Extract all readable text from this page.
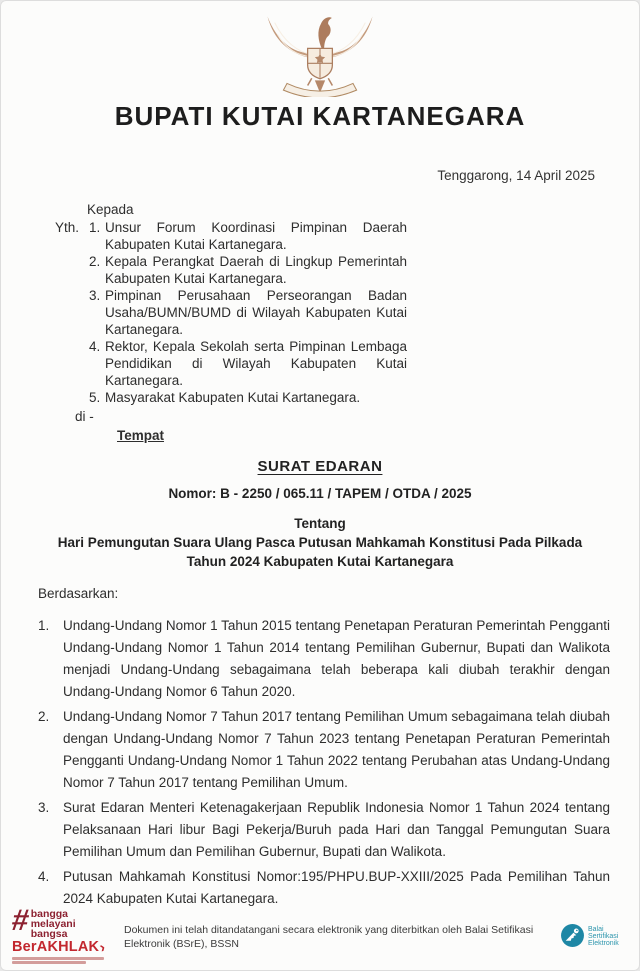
BUPATI KUTAI KARTANEGARA
Tenggarong, 14 April 2025
Kepada
Yth. 1. Unsur Forum Koordinasi Pimpinan Daerah Kabupaten Kutai Kartanegara.
2. Kepala Perangkat Daerah di Lingkup Pemerintah Kabupaten Kutai Kartanegara.
3. Pimpinan Perusahaan Perseorangan Badan Usaha/BUMN/BUMD di Wilayah Kabupaten Kutai Kartanegara.
4. Rektor, Kepala Sekolah serta Pimpinan Lembaga Pendidikan di Wilayah Kabupaten Kutai Kartanegara.
5. Masyarakat Kabupaten Kutai Kartanegara.
di -
Tempat
SURAT EDARAN
Nomor: B - 2250 / 065.11 / TAPEM / OTDA / 2025
Tentang
Hari Pemungutan Suara Ulang Pasca Putusan Mahkamah Konstitusi Pada Pilkada Tahun 2024 Kabupaten Kutai Kartanegara
Berdasarkan:
1.	Undang-Undang Nomor 1 Tahun 2015 tentang Penetapan Peraturan Pemerintah Pengganti Undang-Undang Nomor 1 Tahun 2014 tentang Pemilihan Gubernur, Bupati dan Walikota menjadi Undang-Undang sebagaimana telah beberapa kali diubah terakhir dengan Undang-Undang Nomor 6 Tahun 2020.
2.	Undang-Undang Nomor 7 Tahun 2017 tentang Pemilihan Umum sebagaimana telah diubah dengan Undang-Undang Nomor 7 Tahun 2023 tentang Penetapan Peraturan Pemerintah Pengganti Undang-Undang Nomor 1 Tahun 2022 tentang Perubahan atas Undang-Undang Nomor 7 Tahun 2017 tentang Pemilihan Umum.
3.	Surat Edaran Menteri Ketenagakerjaan Republik Indonesia Nomor 1 Tahun 2024 tentang Pelaksanaan Hari libur Bagi Pekerja/Buruh pada Hari dan Tanggal Pemungutan Suara Pemilihan Umum dan Pemilihan Gubernur, Bupati dan Walikota.
4.	Putusan Mahkamah Konstitusi Nomor:195/PHPU.BUP-XXIII/2025 Pada Pemilihan Tahun 2024 Kabupaten Kutai Kartanegara.
# bangga
melayani
bangsa
BerAKHLAK
›
Dokumen ini telah ditandatangani secara elektronik yang diterbitkan oleh Balai Setifikasi Elektronik (BSrE), BSSN
Balai Sertifikasi Elektronik
